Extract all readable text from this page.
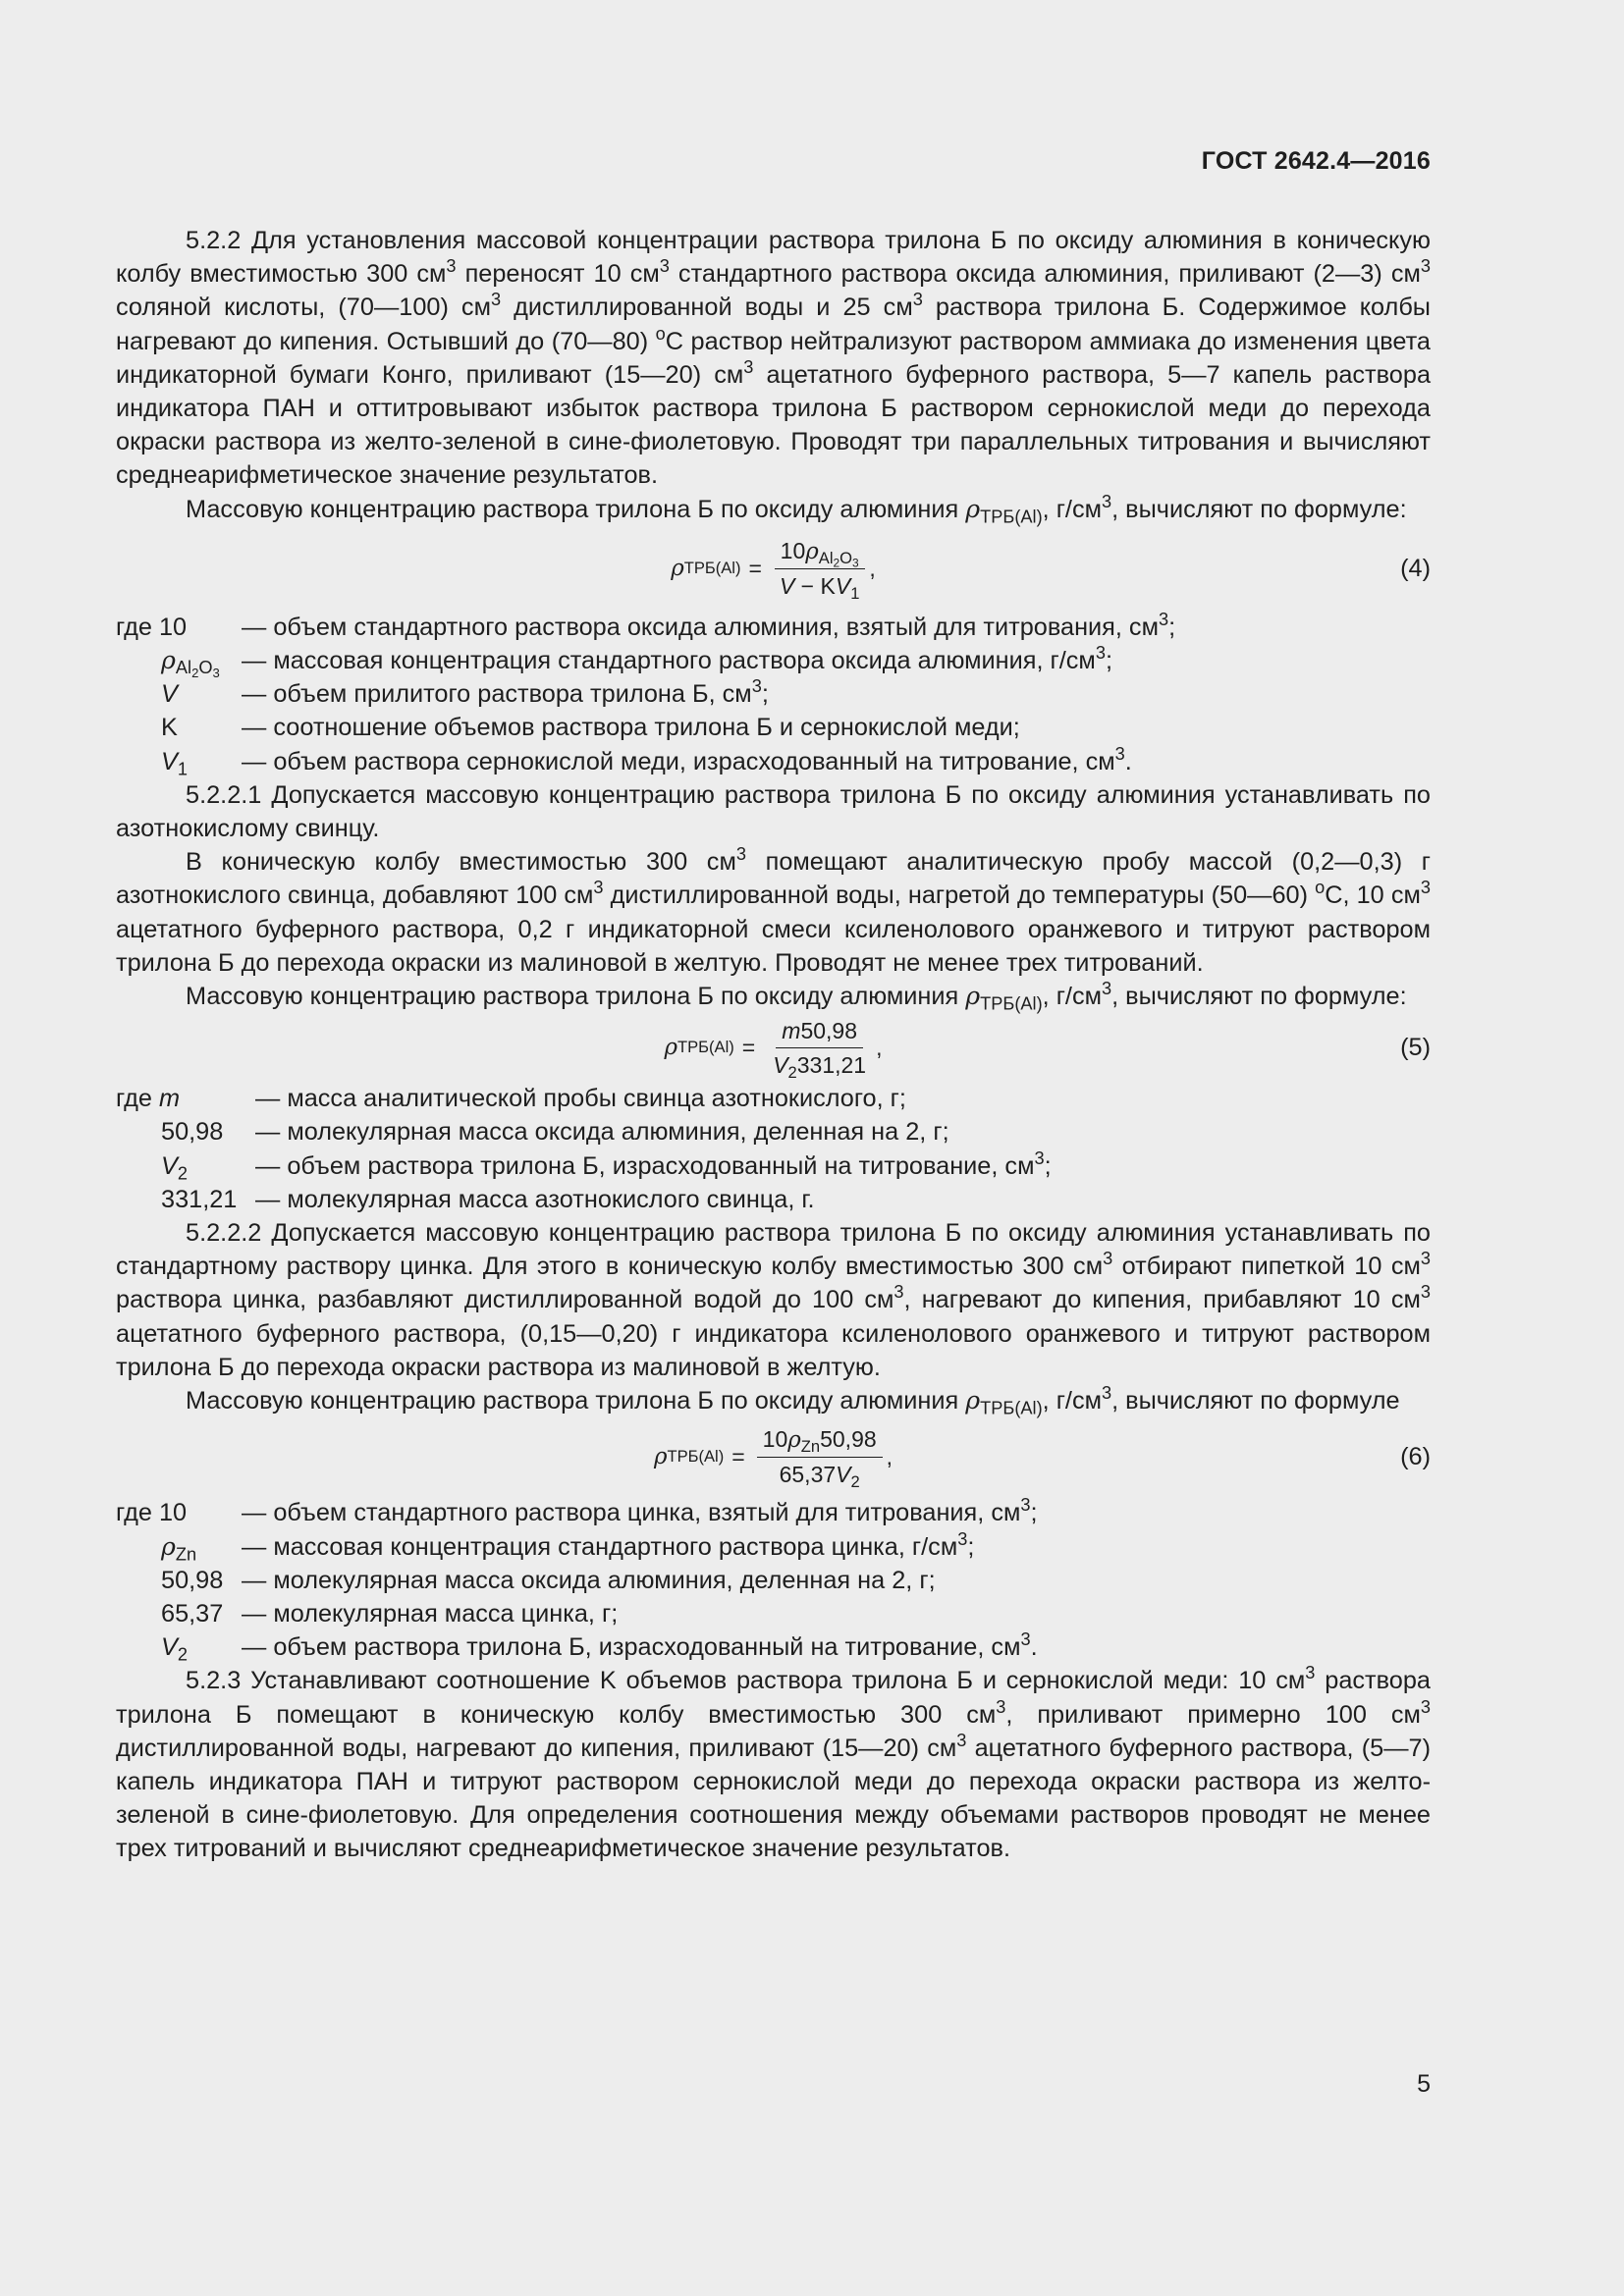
ГОСТ 2642.4—2016

5.2.2 Для установления массовой концентрации раствора трилона Б по оксиду алюминия в коническую колбу вместимостью 300 $см^3$ переносят 10 $см^3$ стандартного раствора оксида алюминия, приливают (2—3) $см^3$ соляной кислоты, (70—100) $см^3$ дистиллированной воды и 25 $см^3$ раствора трилона Б. Содержимое колбы нагревают до кипения. Остывший до (70—80) $^о$С раствор нейтрализуют раствором аммиака до изменения цвета индикаторной бумаги Конго, приливают (15—20) $см^3$ ацетатного буферного раствора, 5—7 капель раствора индикатора ПАН и оттитровывают избыток раствора трилона Б раствором сернокислой меди до перехода окраски раствора из желто-зеленой в сине-фиолетовую. Проводят три параллельных титрования и вычисляют среднеарифметическое значение результатов.

Массовую концентрацию раствора трилона Б по оксиду алюминия $\rho_{ТРБ(Al)}$, $г/см^3$, вычисляют по формуле:

ρ $ТРБ(Al) = \frac{10\rho_{Al_2O_3}}{V - KV_1}$ ,	(4)
где 10	— объем стандартного раствора оксида алюминия, взятый для титрования, $см^3$;
$\rho_{Al_2O_3}$ — массовая концентрация стандартного раствора оксида алюминия, $г/см^3$;
V	— объем прилитого раствора трилона Б, $см^3$;
K	— соотношение объемов раствора трилона Б и сернокислой меди;
$V_1$	— объем раствора сернокислой меди, израсходованный на титрование, $см^3$.

5.2.2.1 Допускается массовую концентрацию раствора трилона Б по оксиду алюминия устанавливать по азотнокислому свинцу.

В коническую колбу вместимостью 300 $см^3$ помещают аналитическую пробу массой (0,2—0,3) г азотнокислого свинца, добавляют 100 $см^3$ дистиллированной воды, нагретой до температуры (50—60) $^о$С, 10 $см^3$ ацетатного буферного раствора, 0,2 г индикаторной смеси ксиленолового оранжевого и титруют раствором трилона Б до перехода окраски из малиновой в желтую. Проводят не менее трех титрований.

Массовую концентрацию раствора трилона Б по оксиду алюминия $\rho_{ТРБ(Al)}$, $г/см^3$, вычисляют по формуле:

ρ $ТРБ(Al) = \frac{m50,98}{V_2331,21}$ ,	(5)
где m	— масса аналитической пробы свинца азотнокислого, г;
50,98	— молекулярная масса оксида алюминия, деленная на 2, г;
$V_2$	— объем раствора трилона Б, израсходованный на титрование, $см^3$;
331,21 — молекулярная масса азотнокислого свинца, г.

5.2.2.2 Допускается массовую концентрацию раствора трилона Б по оксиду алюминия устанавливать по стандартному раствору цинка. Для этого в коническую колбу вместимостью 300 $см^3$ отбирают пипеткой 10 $см^3$ раствора цинка, разбавляют дистиллированной водой до 100 $см^3$, нагревают до кипения, прибавляют 10 $см^3$ ацетатного буферного раствора, (0,15—0,20) г индикатора ксиленолового оранжевого и титруют раствором трилона Б до перехода окраски раствора из малиновой в желтую.

Массовую концентрацию раствора трилона Б по оксиду алюминия $\rho_{ТРБ(Al)}$, $г/см^3$, вычисляют по формуле

ρ $ТРБ(Al) = \frac{10\rho_{Zn}50,98}{65,37V_2}$ ,	(6)
где 10	— объем стандартного раствора цинка, взятый для титрования, $см^3$;
$\rho_{Zn}$	— массовая концентрация стандартного раствора цинка, $г/см^3$;
50,98 — молекулярная масса оксида алюминия, деленная на 2, г;
65,37 — молекулярная масса цинка, г;
$V_2$	— объем раствора трилона Б, израсходованный на титрование, $см^3$.

5.2.3 Устанавливают соотношение K объемов раствора трилона Б и сернокислой меди: 10 $см^3$ раствора трилона Б помещают в коническую колбу вместимостью 300 $см^3$, приливают примерно 100 $см^3$ дистиллированной воды, нагревают до кипения, приливают (15—20) $см^3$ ацетатного буферного раствора, (5—7) капель индикатора ПАН и титруют раствором сернокислой меди до перехода окраски раствора из желто-зеленой в сине-фиолетовую. Для определения соотношения между объемами растворов проводят не менее трех титрований и вычисляют среднеарифметическое значение результатов.

5
